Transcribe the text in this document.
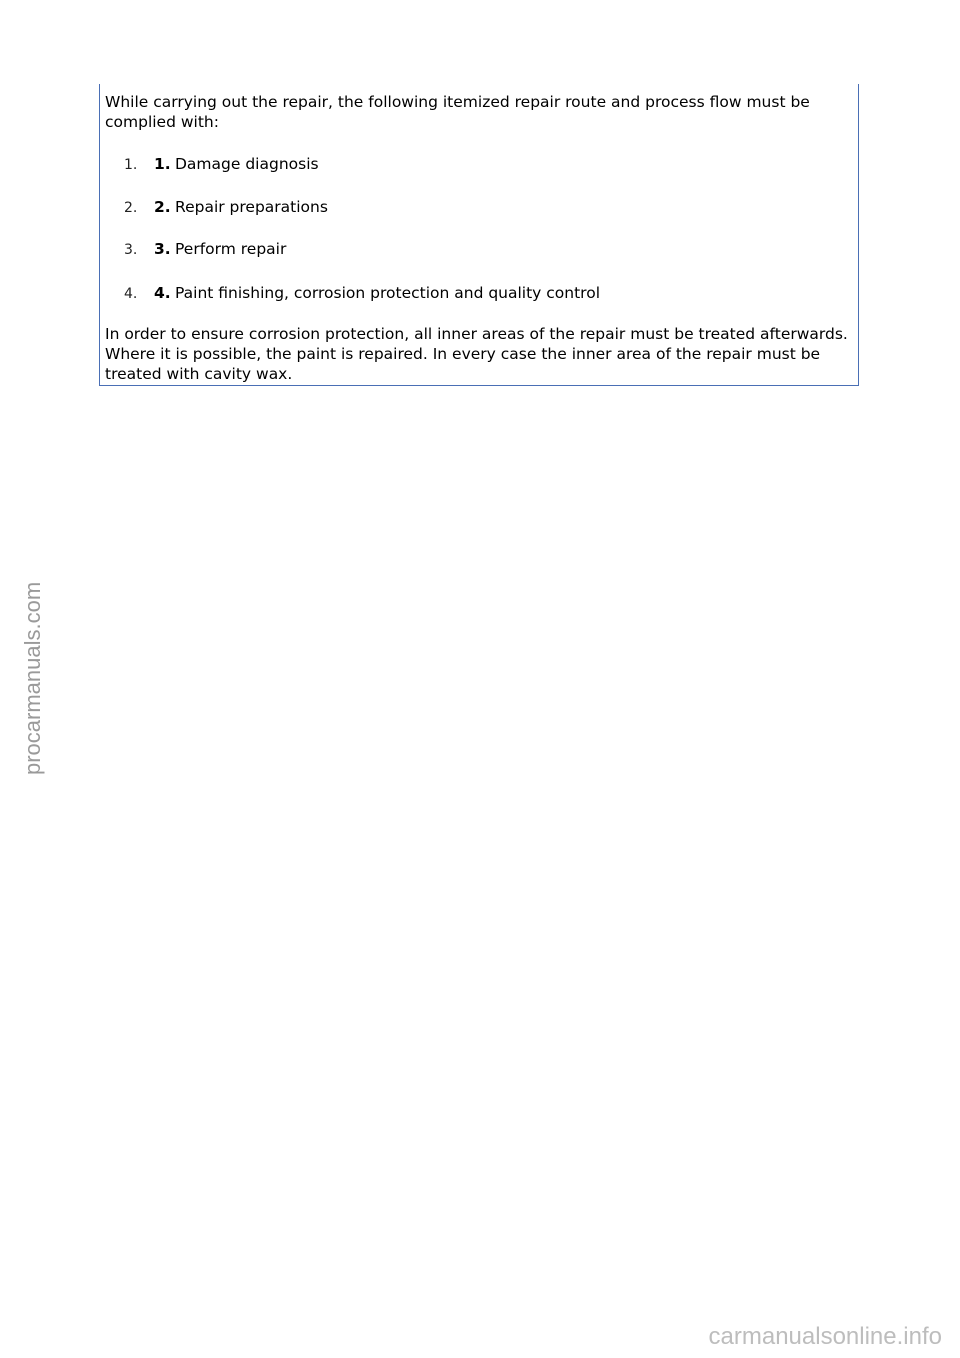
While carrying out the repair, the following itemized repair route and process flow must be complied with:

1. 1. Damage diagnosis
2. 2. Repair preparations
3. 3. Perform repair
4. 4. Paint finishing, corrosion protection and quality control

In order to ensure corrosion protection, all inner areas of the repair must be treated afterwards. Where it is possible, the paint is repaired. In every case the inner area of the repair must be treated with cavity wax.

procarmanuals.com
carmanualsonline.info
